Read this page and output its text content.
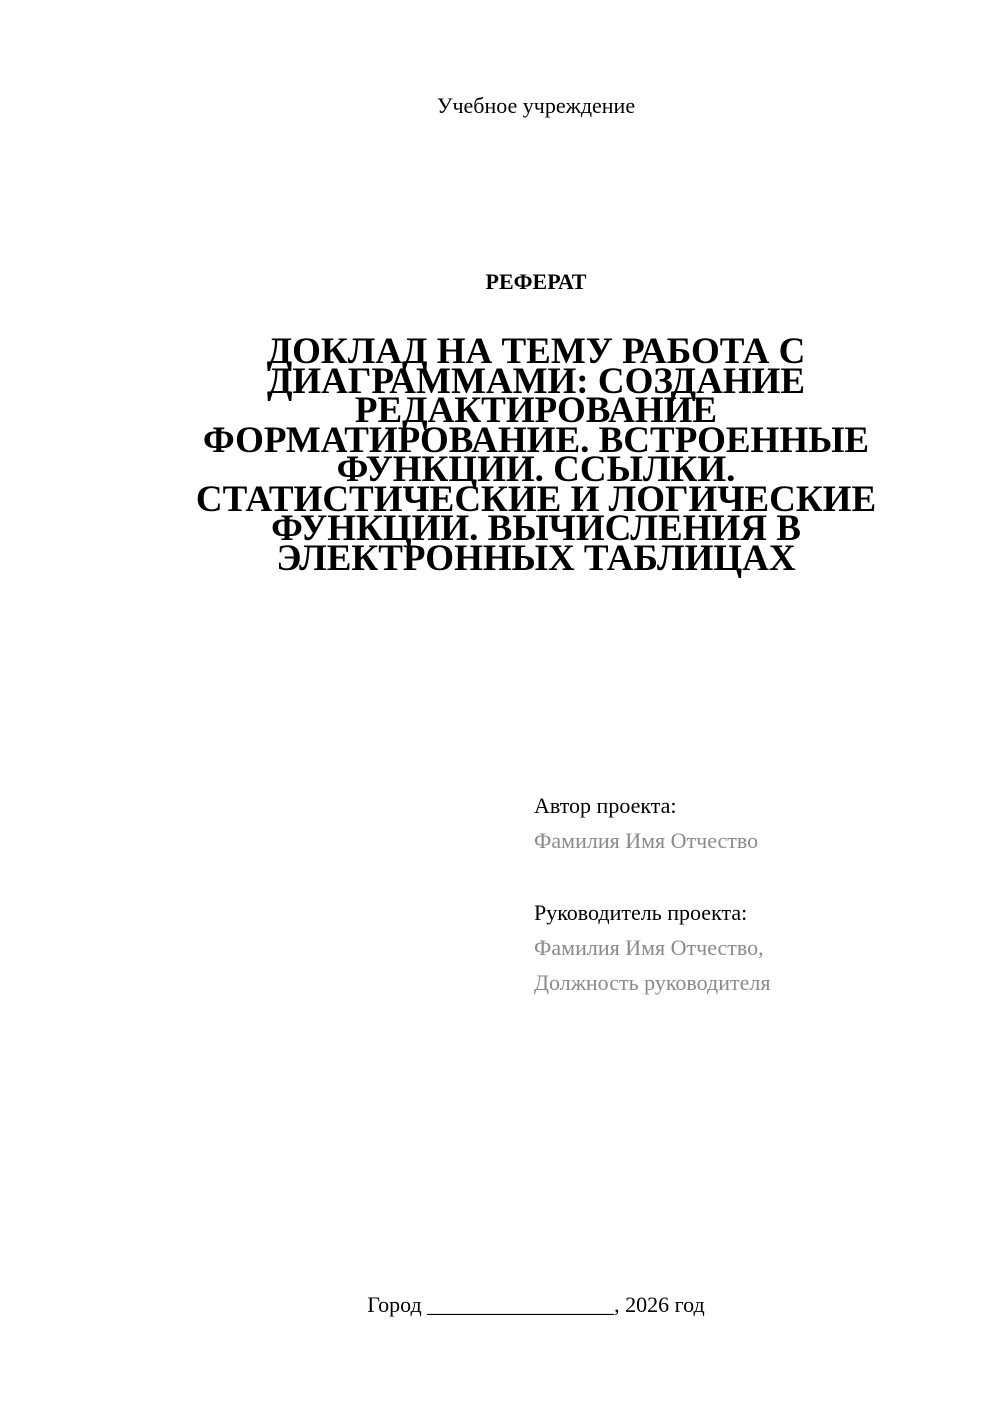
Учебное учреждение
РЕФЕРАТ
ДОКЛАД НА ТЕМУ РАБОТА С
ДИАГРАММАМИ: СОЗДАНИЕ
РЕДАКТИРОВАНИЕ
ФОРМАТИРОВАНИЕ. ВСТРОЕННЫЕ
ФУНКЦИИ. ССЫЛКИ.
СТАТИСТИЧЕСКИЕ И ЛОГИЧЕСКИЕ
ФУНКЦИИ. ВЫЧИСЛЕНИЯ В
ЭЛЕКТРОННЫХ ТАБЛИЦАХ
Автор проекта:
Фамилия Имя Отчество
Руководитель проекта:
Фамилия Имя Отчество,
Должность руководителя
Город _________________, 2026 год
